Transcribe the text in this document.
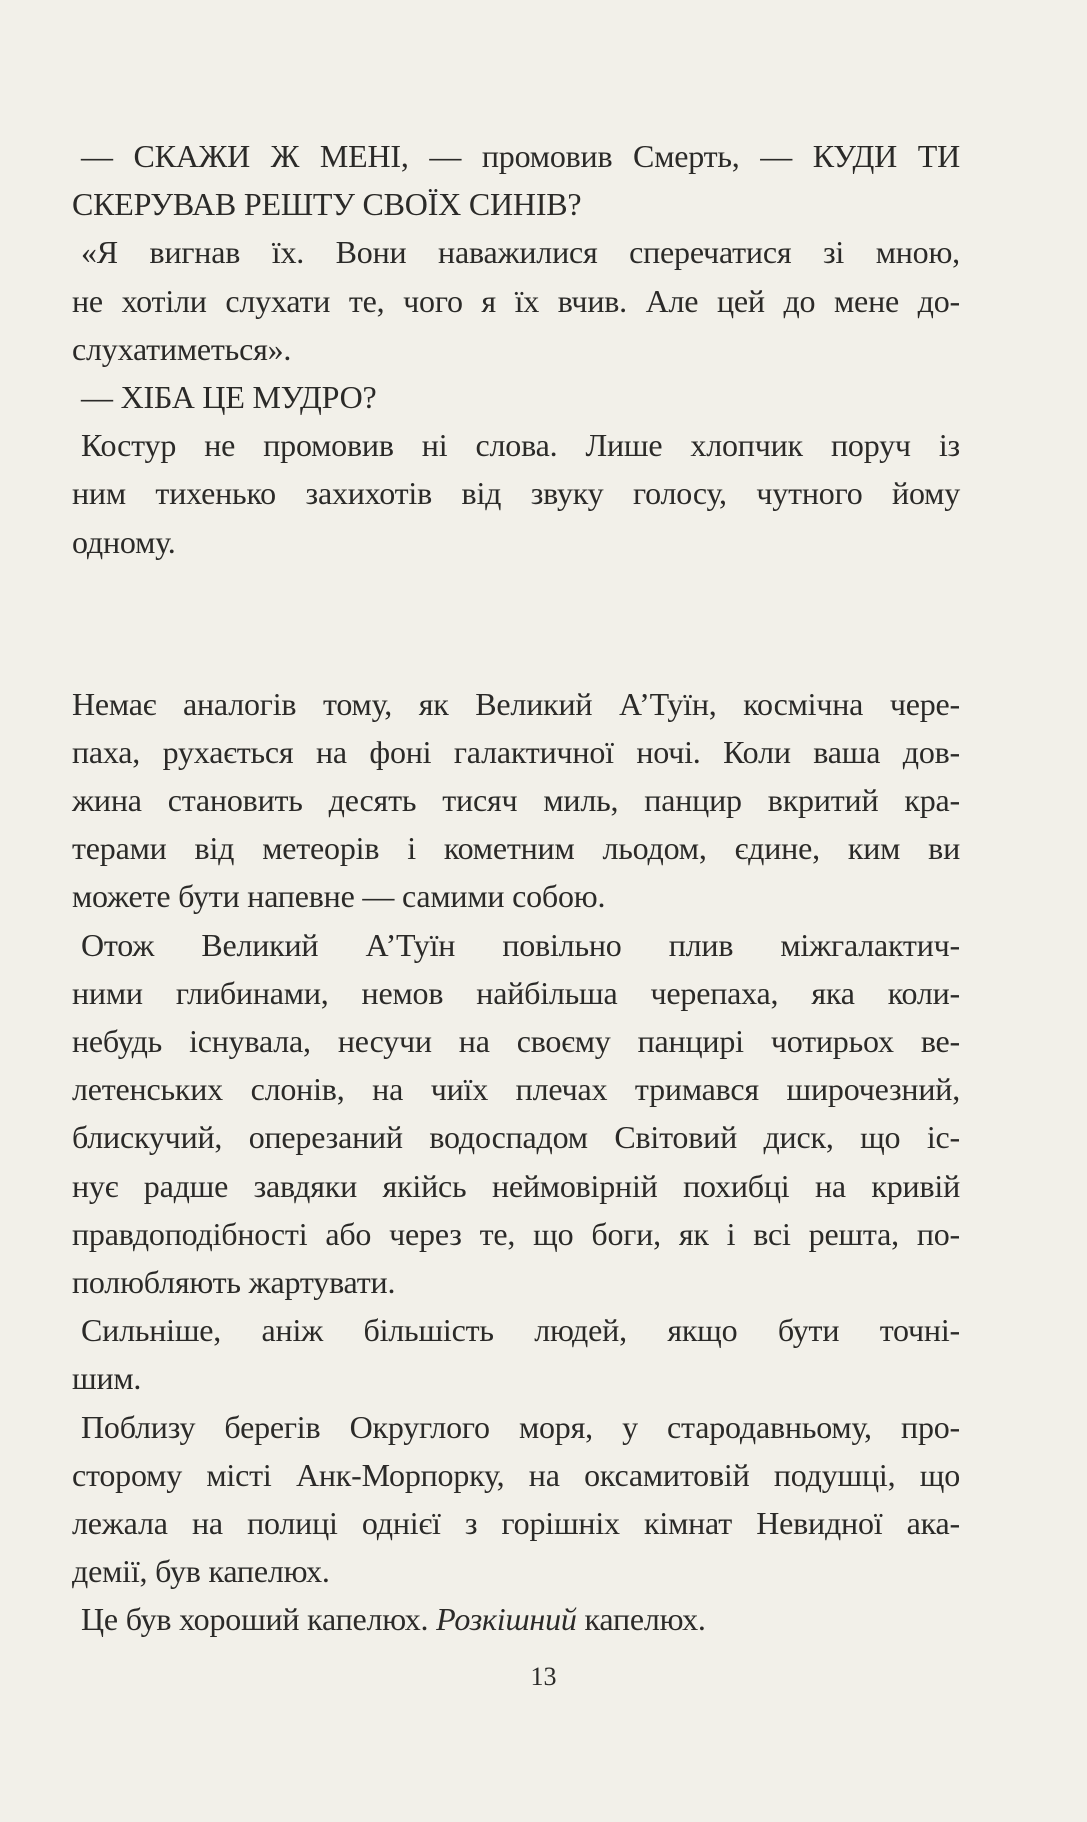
— СКАЖИ Ж МЕНІ, — промовив Смерть, — КУДИ ТИ
СКЕРУВАВ РЕШТУ СВОЇХ СИНІВ?
«Я вигнав їх. Вони наважилися сперечатися зі мною,
не хотіли слухати те, чого я їх вчив. Але цей до мене до-
слухатиметься».
— ХІБА ЦЕ МУДРО?
Костур не промовив ні слова. Лише хлопчик поруч із
ним тихенько захихотів від звуку голосу, чутного йому
одному.
Немає аналогів тому, як Великий А’Туїн, космічна чере-
паха, рухається на фоні галактичної ночі. Коли ваша дов-
жина становить десять тисяч миль, панцир вкритий кра-
терами від метеорів і кометним льодом, єдине, ким ви
можете бути напевне — самими собою.
Отож Великий А’Туїн повільно плив міжгалактич-
ними глибинами, немов найбільша черепаха, яка коли-
небудь існувала, несучи на своєму панцирі чотирьох ве-
летенських слонів, на чиїх плечах тримався широчезний,
блискучий, оперезаний водоспадом Світовий диск, що іс-
нує радше завдяки якійсь неймовірній похибці на кривій
правдоподібності або через те, що боги, як і всі решта, по-
полюбляють жартувати.
Сильніше, аніж більшість людей, якщо бути точні-
шим.
Поблизу берегів Округлого моря, у стародавньому, про-
сторому місті Анк-Морпорку, на оксамитовій подушці, що
лежала на полиці однієї з горішніх кімнат Невидної ака-
демії, був капелюх.
Це був хороший капелюх. Розкішний капелюх.
13
